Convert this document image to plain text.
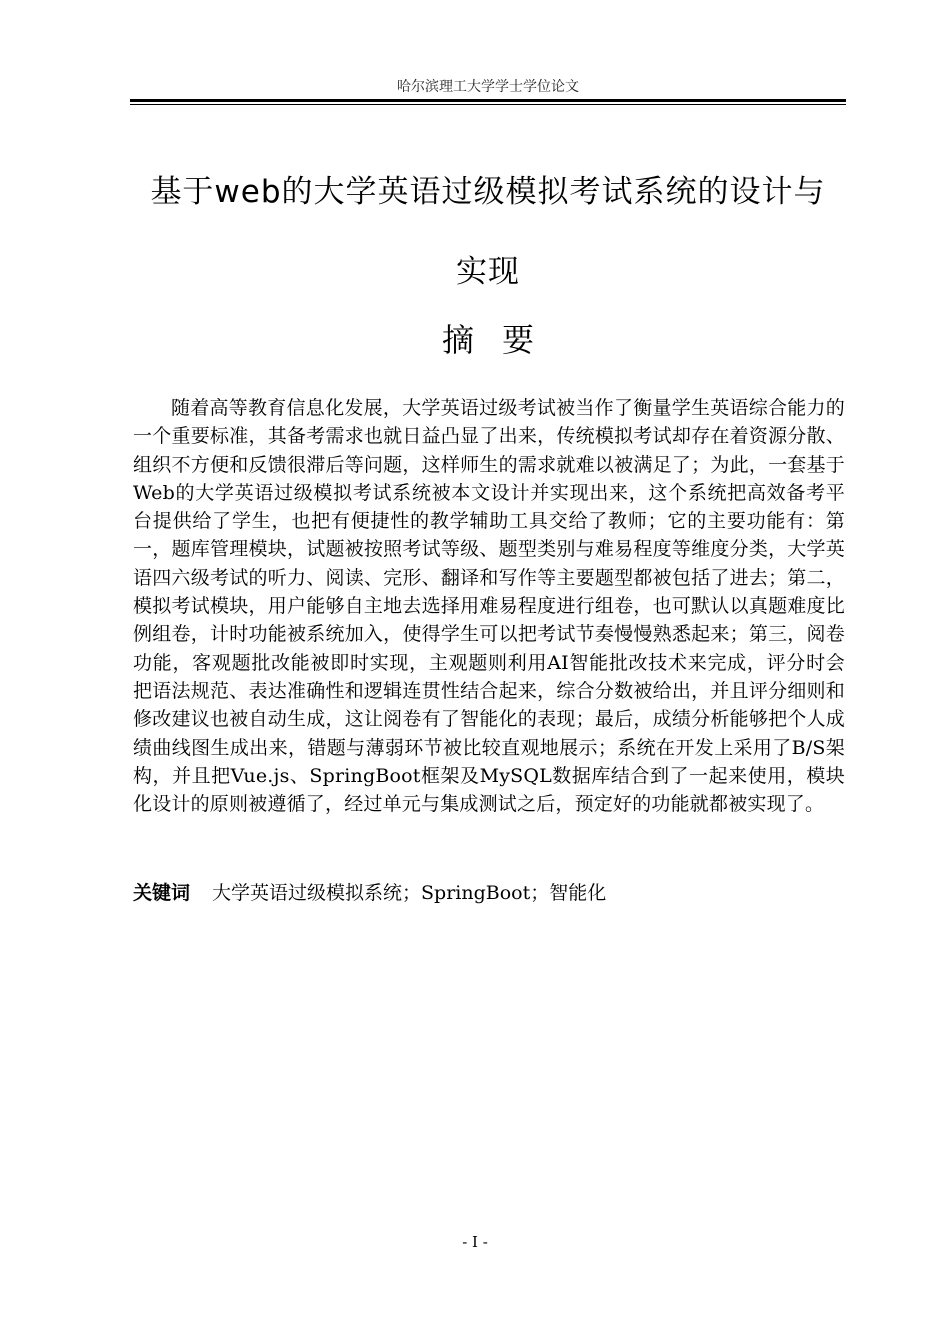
哈尔滨理工大学学士学位论文
基于web的大学英语过级模拟考试系统的设计与
实现
摘要

随着高等教育信息化发展，大学英语过级考试被当作了衡量学生英语综合能力的一个重要标准，其备考需求也就日益凸显了出来，传统模拟考试却存在着资源分散、组织不方便和反馈很滞后等问题，这样师生的需求就难以被满足了；为此，一套基于Web的大学英语过级模拟考试系统被本文设计并实现出来，这个系统把高效备考平台提供给了学生，也把有便捷性的教学辅助工具交给了教师；它的主要功能有：第一，题库管理模块，试题被按照考试等级、题型类别与难易程度等维度分类，大学英语四六级考试的听力、阅读、完形、翻译和写作等主要题型都被包括了进去；第二，模拟考试模块，用户能够自主地去选择用难易程度进行组卷，也可默认以真题难度比例组卷，计时功能被系统加入，使得学生可以把考试节奏慢慢熟悉起来；第三，阅卷功能，客观题批改能被即时实现，主观题则利用AI智能批改技术来完成，评分时会把语法规范、表达准确性和逻辑连贯性结合起来，综合分数被给出，并且评分细则和修改建议也被自动生成，这让阅卷有了智能化的表现；最后，成绩分析能够把个人成绩曲线图生成出来，错题与薄弱环节被比较直观地展示；系统在开发上采用了B/S架构，并且把Vue.js、SpringBoot框架及MySQL数据库结合到了一起来使用，模块化设计的原则被遵循了，经过单元与集成测试之后，预定好的功能就都被实现了。

关键词 大学英语过级模拟系统；SpringBoot；智能化
- I -
